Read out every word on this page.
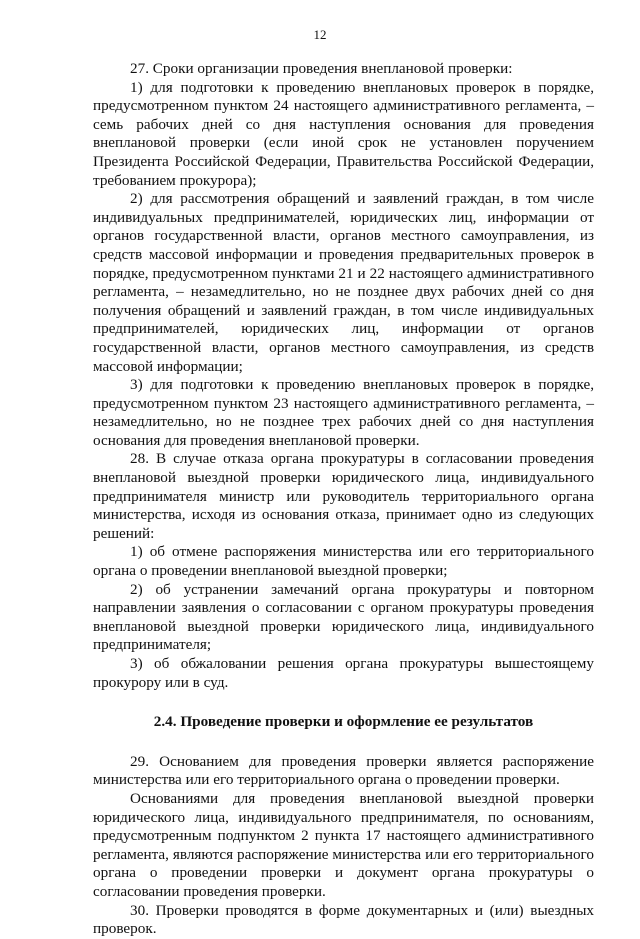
12

27. Сроки организации проведения внеплановой проверки:

1) для подготовки к проведению внеплановых проверок в порядке, предусмотренном пунктом 24 настоящего административного регламента, – семь рабочих дней со дня наступления основания для проведения внеплановой проверки (если иной срок не установлен поручением Президента Российской Федерации, Правительства Российской Федерации, требованием прокурора);

2) для рассмотрения обращений и заявлений граждан, в том числе индивидуальных предпринимателей, юридических лиц, информации от органов государственной власти, органов местного самоуправления, из средств массовой информации и проведения предварительных проверок в порядке, предусмотренном пунктами 21 и 22 настоящего административного регламента, – незамедлительно, но не позднее двух рабочих дней со дня получения обращений и заявлений граждан, в том числе индивидуальных предпринимателей, юридических лиц, информации от органов государственной власти, органов местного самоуправления, из средств массовой информации;

3) для подготовки к проведению внеплановых проверок в порядке, предусмотренном пунктом 23 настоящего административного регламента, – незамедлительно, но не позднее трех рабочих дней со дня наступления основания для проведения внеплановой проверки.

28. В случае отказа органа прокуратуры в согласовании проведения внеплановой выездной проверки юридического лица, индивидуального предпринимателя министр или руководитель территориального органа министерства, исходя из основания отказа, принимает одно из следующих решений:

1) об отмене распоряжения министерства или его территориального органа о проведении внеплановой выездной проверки;

2) об устранении замечаний органа прокуратуры и повторном направлении заявления о согласовании с органом прокуратуры проведения внеплановой выездной проверки юридического лица, индивидуального предпринимателя;

3) об обжаловании решения органа прокуратуры вышестоящему прокурору или в суд.

2.4. Проведение проверки и оформление ее результатов

29. Основанием для проведения проверки является распоряжение министерства или его территориального органа о проведении проверки.

Основаниями для проведения внеплановой выездной проверки юридического лица, индивидуального предпринимателя, по основаниям, предусмотренным подпунктом 2 пункта 17 настоящего административного регламента, являются распоряжение министерства или его территориального органа о проведении проверки и документ органа прокуратуры о согласовании проведения проверки.

30. Проверки проводятся в форме документарных и (или) выездных проверок.
